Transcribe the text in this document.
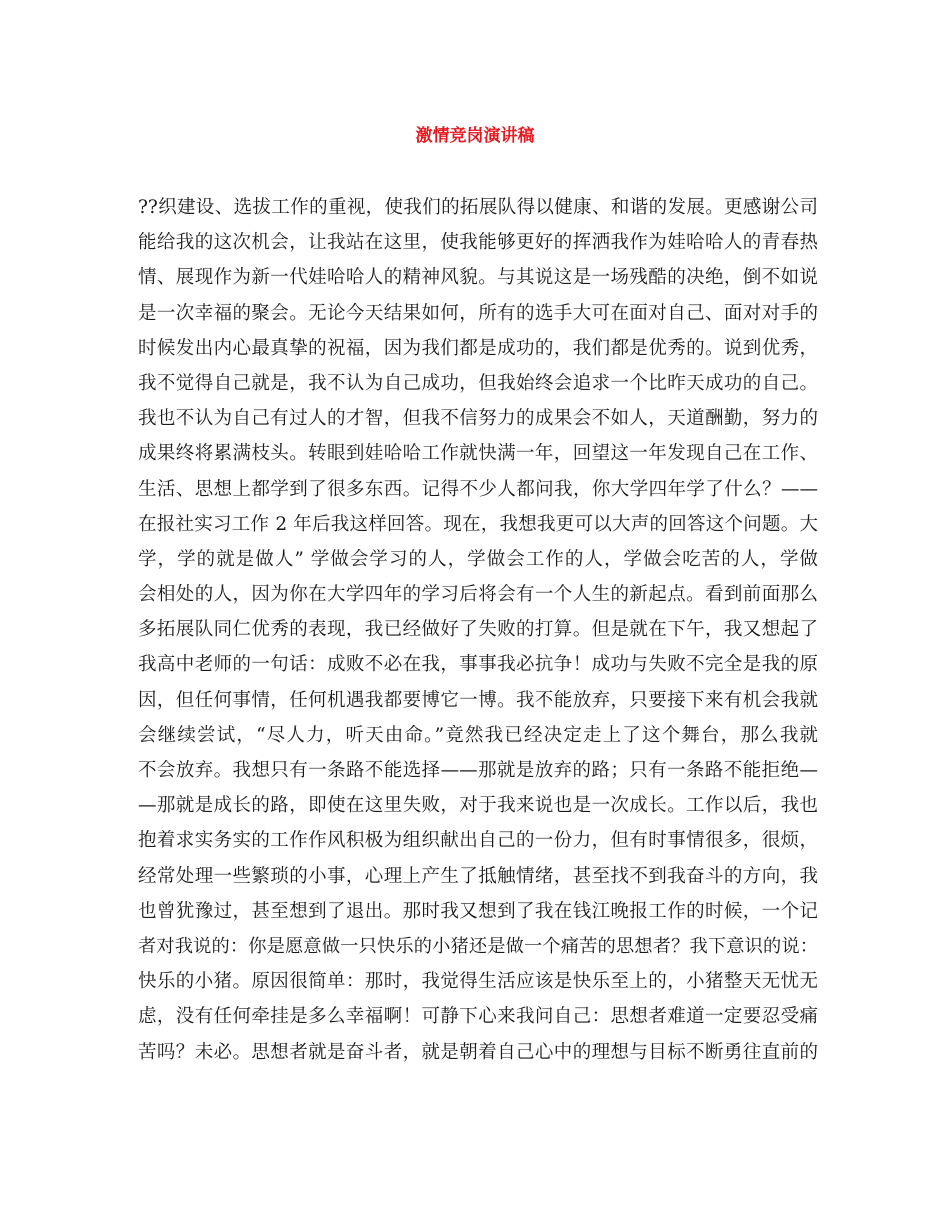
激情竞岗演讲稿
??织建设、选拔工作的重视，使我们的拓展队得以健康、和谐的发展。更感谢公司
能给我的这次机会，让我站在这里，使我能够更好的挥洒我作为娃哈哈人的青春热
情、展现作为新一代娃哈哈人的精神风貌。与其说这是一场残酷的决绝，倒不如说
是一次幸福的聚会。无论今天结果如何，所有的选手大可在面对自己、面对对手的
时候发出内心最真挚的祝福，因为我们都是成功的，我们都是优秀的。说到优秀，
我不觉得自己就是，我不认为自己成功，但我始终会追求一个比昨天成功的自己。
我也不认为自己有过人的才智，但我不信努力的成果会不如人，天道酬勤，努力的
成果终将累满枝头。转眼到娃哈哈工作就快满一年，回望这一年发现自己在工作、
生活、思想上都学到了很多东西。记得不少人都问我，你大学四年学了什么？——
在报社实习工作 2 年后我这样回答。现在，我想我更可以大声的回答这个问题。大
学，学的就是做人” 学做会学习的人，学做会工作的人，学做会吃苦的人，学做
会相处的人，因为你在大学四年的学习后将会有一个人生的新起点。看到前面那么
多拓展队同仁优秀的表现，我已经做好了失败的打算。但是就在下午，我又想起了
我高中老师的一句话：成败不必在我，事事我必抗争！成功与失败不完全是我的原
因，但任何事情，任何机遇我都要博它一博。我不能放弃，只要接下来有机会我就
会继续尝试，“尽人力，听天由命。”竟然我已经决定走上了这个舞台，那么我就
不会放弃。我想只有一条路不能选择——那就是放弃的路；只有一条路不能拒绝—
—那就是成长的路，即使在这里失败，对于我来说也是一次成长。工作以后，我也
抱着求实务实的工作作风积极为组织献出自己的一份力，但有时事情很多，很烦，
经常处理一些繁琐的小事，心理上产生了抵触情绪，甚至找不到我奋斗的方向，我
也曾犹豫过，甚至想到了退出。那时我又想到了我在钱江晚报工作的时候，一个记
者对我说的：你是愿意做一只快乐的小猪还是做一个痛苦的思想者？我下意识的说：
快乐的小猪。原因很简单：那时，我觉得生活应该是快乐至上的，小猪整天无忧无
虑，没有任何牵挂是多么幸福啊！可静下心来我问自己：思想者难道一定要忍受痛
苦吗？未必。思想者就是奋斗者，就是朝着自己心中的理想与目标不断勇往直前的
